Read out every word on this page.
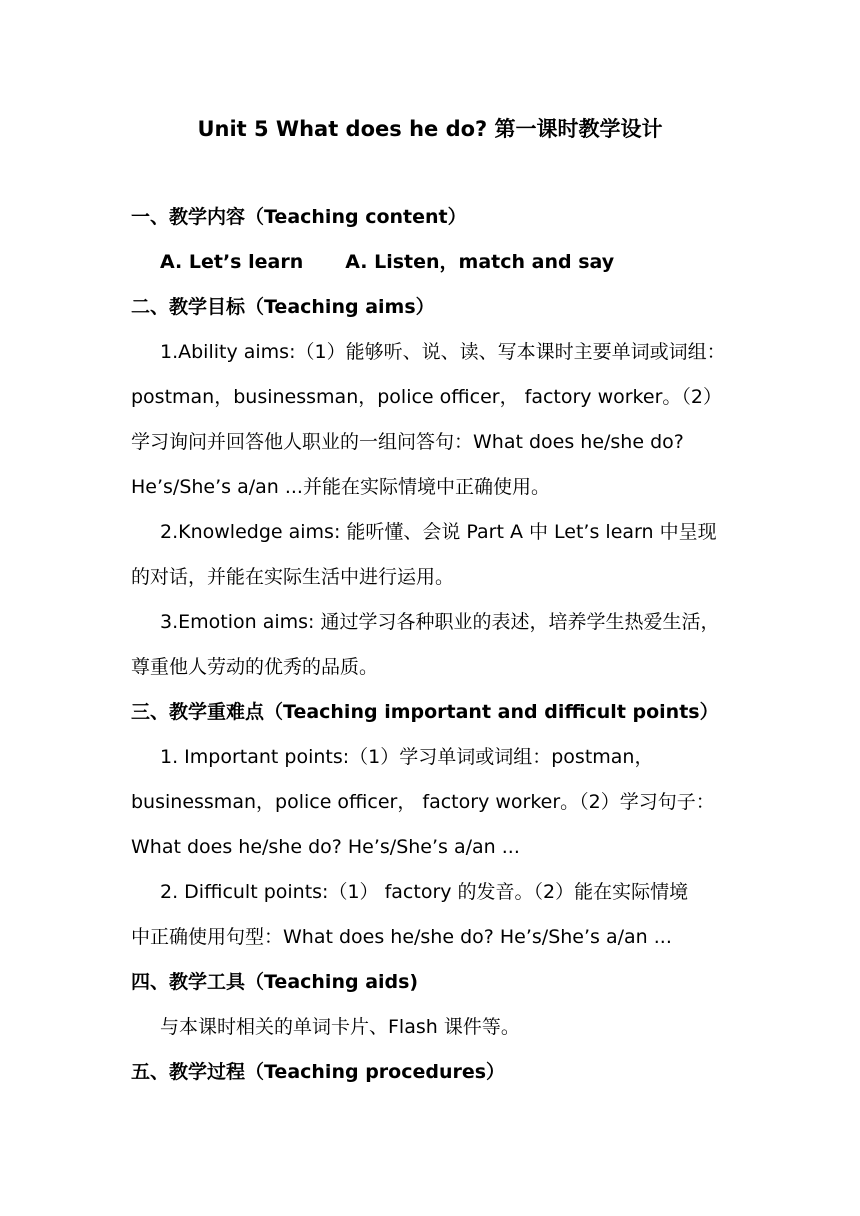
Unit 5 What does he do? 第一课时教学设计
一、教学内容（Teaching content）
A. Let’s learn A. Listen，match and say
二、教学目标（Teaching aims）
1.Ability aims:（1）能够听、说、读、写本课时主要单词或词组：
postman，businessman，police officer， factory worker。（2）
学习询问并回答他人职业的一组问答句：What does he/she do?
He’s/She’s a/an ...并能在实际情境中正确使用。
2.Knowledge aims: 能听懂、会说 Part A 中 Let’s learn 中呈现
的对话，并能在实际生活中进行运用。
3.Emotion aims: 通过学习各种职业的表述，培养学生热爱生活，
尊重他人劳动的优秀的品质。
三、教学重难点（Teaching important and difficult points）
1. Important points:（1）学习单词或词组：postman，
businessman，police officer， factory worker。（2）学习句子：
What does he/she do? He’s/She’s a/an ...
2. Difficult points:（1） factory 的发音。（2）能在实际情境
中正确使用句型：What does he/she do? He’s/She’s a/an ...
四、教学工具（Teaching aids)
与本课时相关的单词卡片、Flash 课件等。
五、教学过程（Teaching procedures）
